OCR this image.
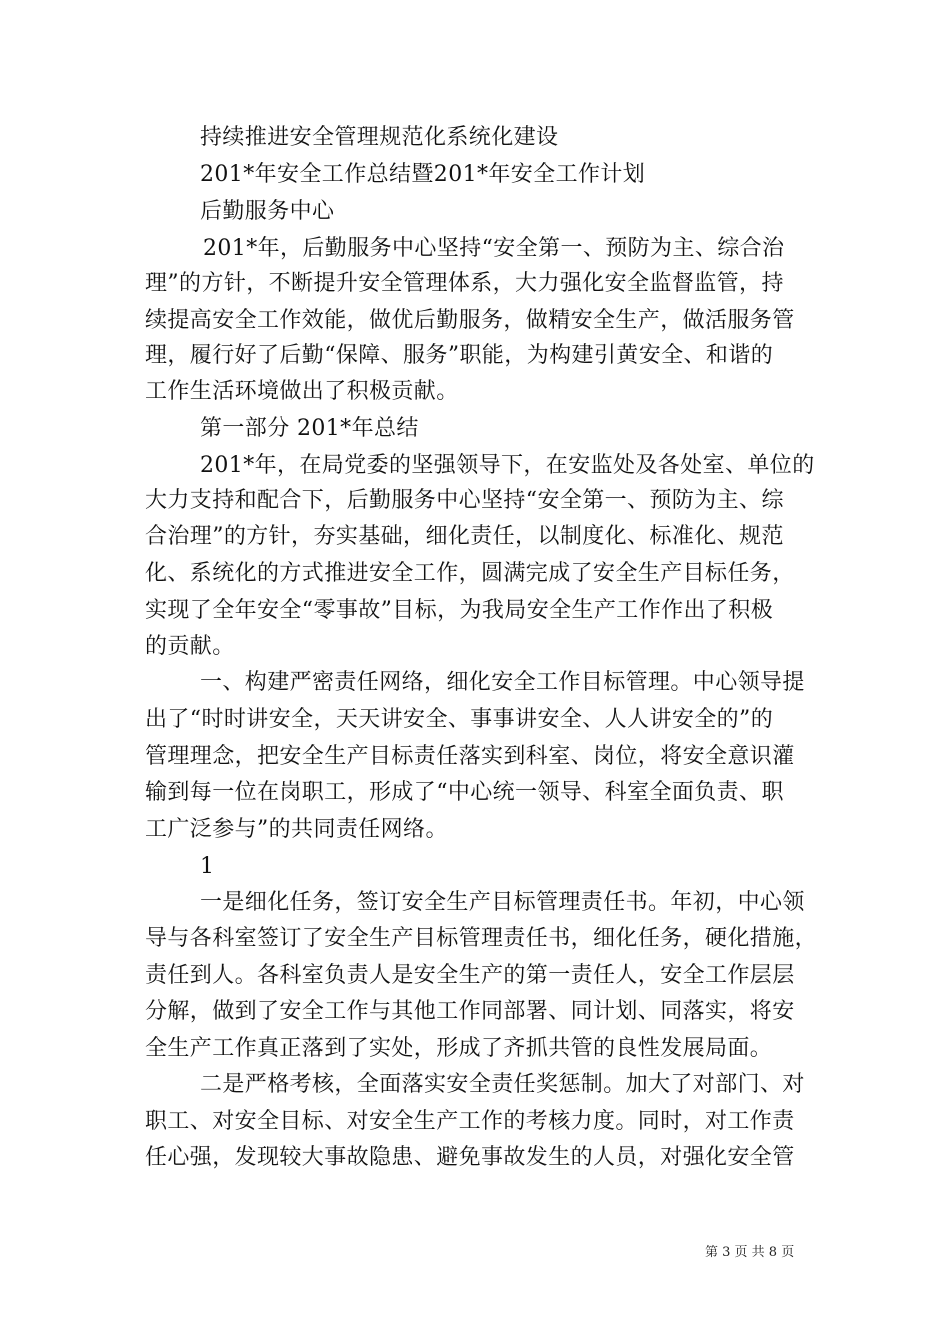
持续推进安全管理规范化系统化建设
201*年安全工作总结暨201*年安全工作计划
后勤服务中心
201*年，后勤服务中心坚持“安全第一、预防为主、综合治
理”的方针，不断提升安全管理体系，大力强化安全监督监管，持
续提高安全工作效能，做优后勤服务，做精安全生产，做活服务管
理，履行好了后勤“保障、服务”职能，为构建引黄安全、和谐的
工作生活环境做出了积极贡献。
第一部分 201*年总结
201*年，在局党委的坚强领导下，在安监处及各处室、单位的
大力支持和配合下，后勤服务中心坚持“安全第一、预防为主、综
合治理”的方针，夯实基础，细化责任，以制度化、标准化、规范
化、系统化的方式推进安全工作，圆满完成了安全生产目标任务，
实现了全年安全“零事故”目标，为我局安全生产工作作出了积极
的贡献。
一、构建严密责任网络，细化安全工作目标管理。中心领导提
出了“时时讲安全，天天讲安全、事事讲安全、人人讲安全的”的
管理理念，把安全生产目标责任落实到科室、岗位，将安全意识灌
输到每一位在岗职工，形成了“中心统一领导、科室全面负责、职
工广泛参与”的共同责任网络。
1
一是细化任务，签订安全生产目标管理责任书。年初，中心领
导与各科室签订了安全生产目标管理责任书，细化任务，硬化措施，
责任到人。各科室负责人是安全生产的第一责任人，安全工作层层
分解，做到了安全工作与其他工作同部署、同计划、同落实，将安
全生产工作真正落到了实处，形成了齐抓共管的良性发展局面。
二是严格考核，全面落实安全责任奖惩制。加大了对部门、对
职工、对安全目标、对安全生产工作的考核力度。同时，对工作责
任心强，发现较大事故隐患、避免事故发生的人员，对强化安全管
第 3 页 共 8 页
